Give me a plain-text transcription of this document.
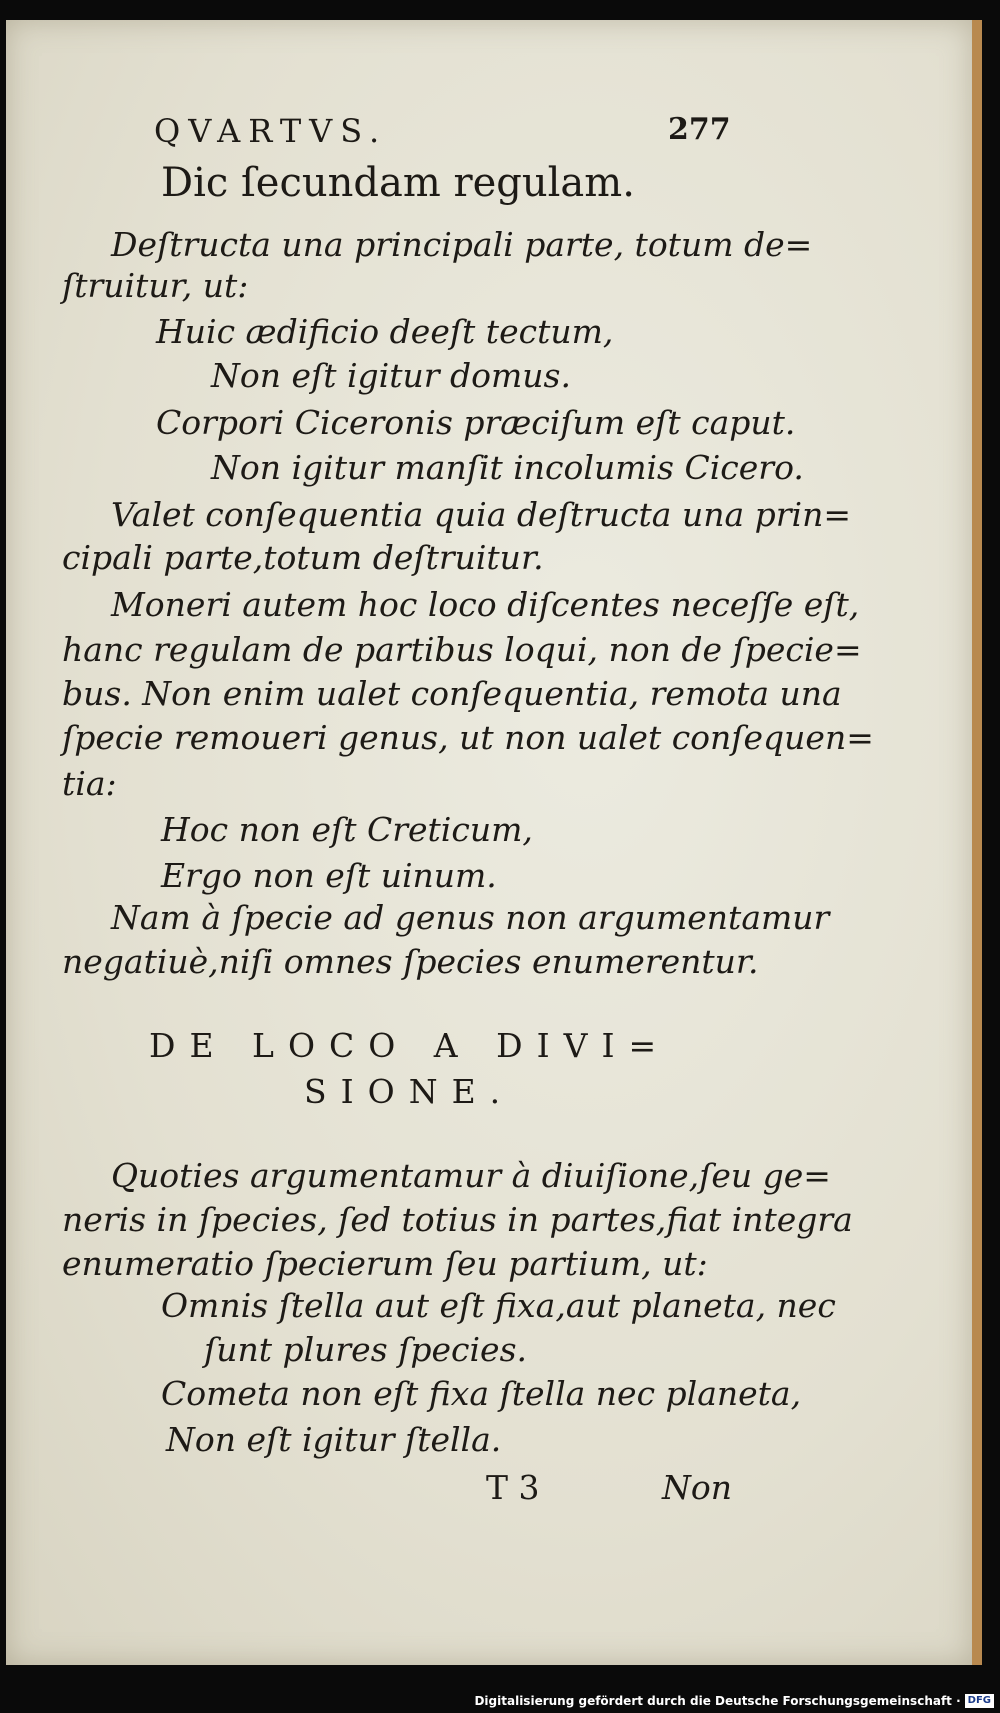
QVARTVS.	277
Dic ſecundam regulam.
Deſtructa una principali parte, totum de=
ſtruitur, ut:
Huic ædificio deeſt tectum,
Non eſt igitur domus.
Corpori Ciceronis præciſum eſt caput.
Non igitur manſit incolumis Cicero.
Valet conſequentia quia deſtructa una prin=
cipali parte,totum deſtruitur.
Moneri autem hoc loco diſcentes neceſſe eſt,
hanc regulam de partibus loqui, non de ſpecie=
bus. Non enim ualet conſequentia, remota una
ſpecie remoueri genus, ut non ualet conſequen=
tia:
Hoc non eſt Creticum,
Ergo non eſt uinum.
Nam à ſpecie ad genus non argumentamur
negatiuè,niſi omnes ſpecies enumerentur.
DE LOCO A DIVI=
SIONE.
Quoties argumentamur à diuiſione,ſeu ge=
neris in ſpecies, ſed totius in partes,fiat integra
enumeratio ſpecierum ſeu partium, ut:
Omnis ſtella aut eſt fixa,aut planeta, nec
ſunt plures ſpecies.
Cometa non eſt fixa ſtella nec planeta,
Non eſt igitur ſtella.
T 3	Non
Digitalisierung gefördert durch die Deutsche Forschungsgemeinschaft · DFG
